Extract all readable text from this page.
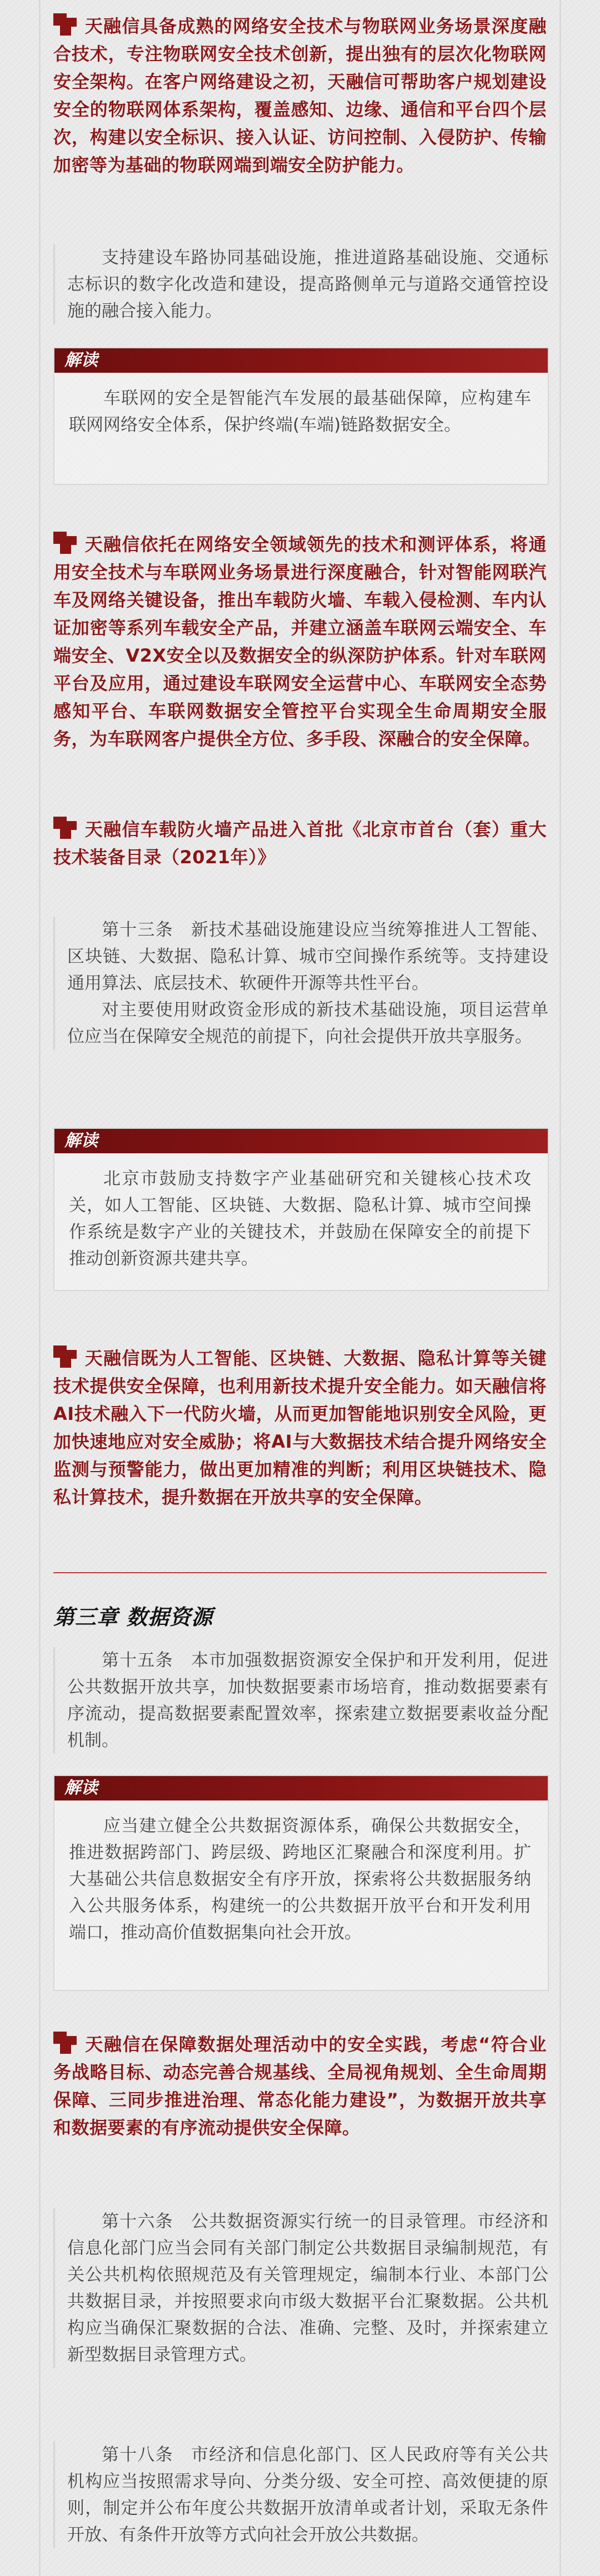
天融信具备成熟的网络安全技术与物联网业务场景深度融合技术，专注物联网安全技术创新，提出独有的层次化物联网安全架构。在客户网络建设之初，天融信可帮助客户规划建设安全的物联网体系架构，覆盖感知、边缘、通信和平台四个层次，构建以安全标识、接入认证、访问控制、入侵防护、传输加密等为基础的物联网端到端安全防护能力。

支持建设车路协同基础设施，推进道路基础设施、交通标志标识的数字化改造和建设，提高路侧单元与道路交通管控设施的融合接入能力。

解读

车联网的安全是智能汽车发展的最基础保障，应构建车联网网络安全体系，保护终端(车端)链路数据安全。

天融信依托在网络安全领域领先的技术和测评体系，将通用安全技术与车联网业务场景进行深度融合，针对智能网联汽车及网络关键设备，推出车载防火墙、车载入侵检测、车内认证加密等系列车载安全产品，并建立涵盖车联网云端安全、车端安全、V2X安全以及数据安全的纵深防护体系。针对车联网平台及应用，通过建设车联网安全运营中心、车联网安全态势感知平台、车联网数据安全管控平台实现全生命周期安全服务，为车联网客户提供全方位、多手段、深融合的安全保障。

天融信车载防火墙产品进入首批《北京市首台（套）重大技术装备目录（2021年）》

第十三条　新技术基础设施建设应当统筹推进人工智能、区块链、大数据、隐私计算、城市空间操作系统等。支持建设通用算法、底层技术、软硬件开源等共性平台。

对主要使用财政资金形成的新技术基础设施，项目运营单位应当在保障安全规范的前提下，向社会提供开放共享服务。

解读

北京市鼓励支持数字产业基础研究和关键核心技术攻关，如人工智能、区块链、大数据、隐私计算、城市空间操作系统是数字产业的关键技术，并鼓励在保障安全的前提下推动创新资源共建共享。

天融信既为人工智能、区块链、大数据、隐私计算等关键技术提供安全保障，也利用新技术提升安全能力。如天融信将AI技术融入下一代防火墙，从而更加智能地识别安全风险，更加快速地应对安全威胁；将AI与大数据技术结合提升网络安全监测与预警能力，做出更加精准的判断；利用区块链技术、隐私计算技术，提升数据在开放共享的安全保障。

第三章 数据资源

第十五条　本市加强数据资源安全保护和开发利用，促进公共数据开放共享，加快数据要素市场培育，推动数据要素有序流动，提高数据要素配置效率，探索建立数据要素收益分配机制。

解读

应当建立健全公共数据资源体系，确保公共数据安全，推进数据跨部门、跨层级、跨地区汇聚融合和深度利用。扩大基础公共信息数据安全有序开放，探索将公共数据服务纳入公共服务体系，构建统一的公共数据开放平台和开发利用端口，推动高价值数据集向社会开放。

天融信在保障数据处理活动中的安全实践，考虑“符合业务战略目标、动态完善合规基线、全局视角规划、全生命周期保障、三同步推进治理、常态化能力建设”，为数据开放共享和数据要素的有序流动提供安全保障。

第十六条　公共数据资源实行统一的目录管理。市经济和信息化部门应当会同有关部门制定公共数据目录编制规范，有关公共机构依照规范及有关管理规定，编制本行业、本部门公共数据目录，并按照要求向市级大数据平台汇聚数据。公共机构应当确保汇聚数据的合法、准确、完整、及时，并探索建立新型数据目录管理方式。

第十八条　市经济和信息化部门、区人民政府等有关公共机构应当按照需求导向、分类分级、安全可控、高效便捷的原则，制定并公布年度公共数据开放清单或者计划，采取无条件开放、有条件开放等方式向社会开放公共数据。
